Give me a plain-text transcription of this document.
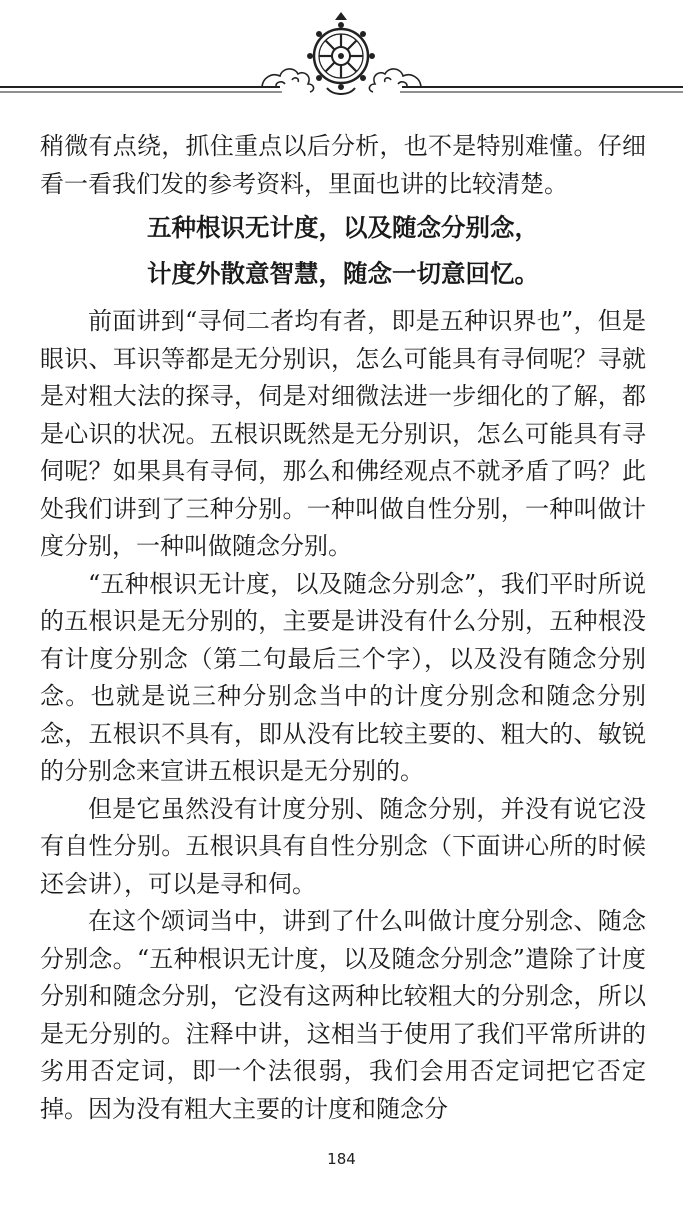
稍微有点绕，抓住重点以后分析，也不是特别难懂。仔细看一看我们发的参考资料，里面也讲的比较清楚。

五种根识无计度，以及随念分别念，
计度外散意智慧，随念一切意回忆。

前面讲到“寻伺二者均有者，即是五种识界也”，但是眼识、耳识等都是无分别识，怎么可能具有寻伺呢？寻就是对粗大法的探寻，伺是对细微法进一步细化的了解，都是心识的状况。五根识既然是无分别识，怎么可能具有寻伺呢？如果具有寻伺，那么和佛经观点不就矛盾了吗？此处我们讲到了三种分别。一种叫做自性分别，一种叫做计度分别，一种叫做随念分别。

“五种根识无计度，以及随念分别念”，我们平时所说的五根识是无分别的，主要是讲没有什么分别，五种根没有计度分别念（第二句最后三个字），以及没有随念分别念。也就是说三种分别念当中的计度分别念和随念分别念，五根识不具有，即从没有比较主要的、粗大的、敏锐的分别念来宣讲五根识是无分别的。

但是它虽然没有计度分别、随念分别，并没有说它没有自性分别。五根识具有自性分别念（下面讲心所的时候还会讲），可以是寻和伺。

在这个颂词当中，讲到了什么叫做计度分别念、随念分别念。“五种根识无计度，以及随念分别念”遣除了计度分别和随念分别，它没有这两种比较粗大的分别念，所以是无分别的。注释中讲，这相当于使用了我们平常所讲的劣用否定词，即一个法很弱，我们会用否定词把它否定掉。因为没有粗大主要的计度和随念分

184
